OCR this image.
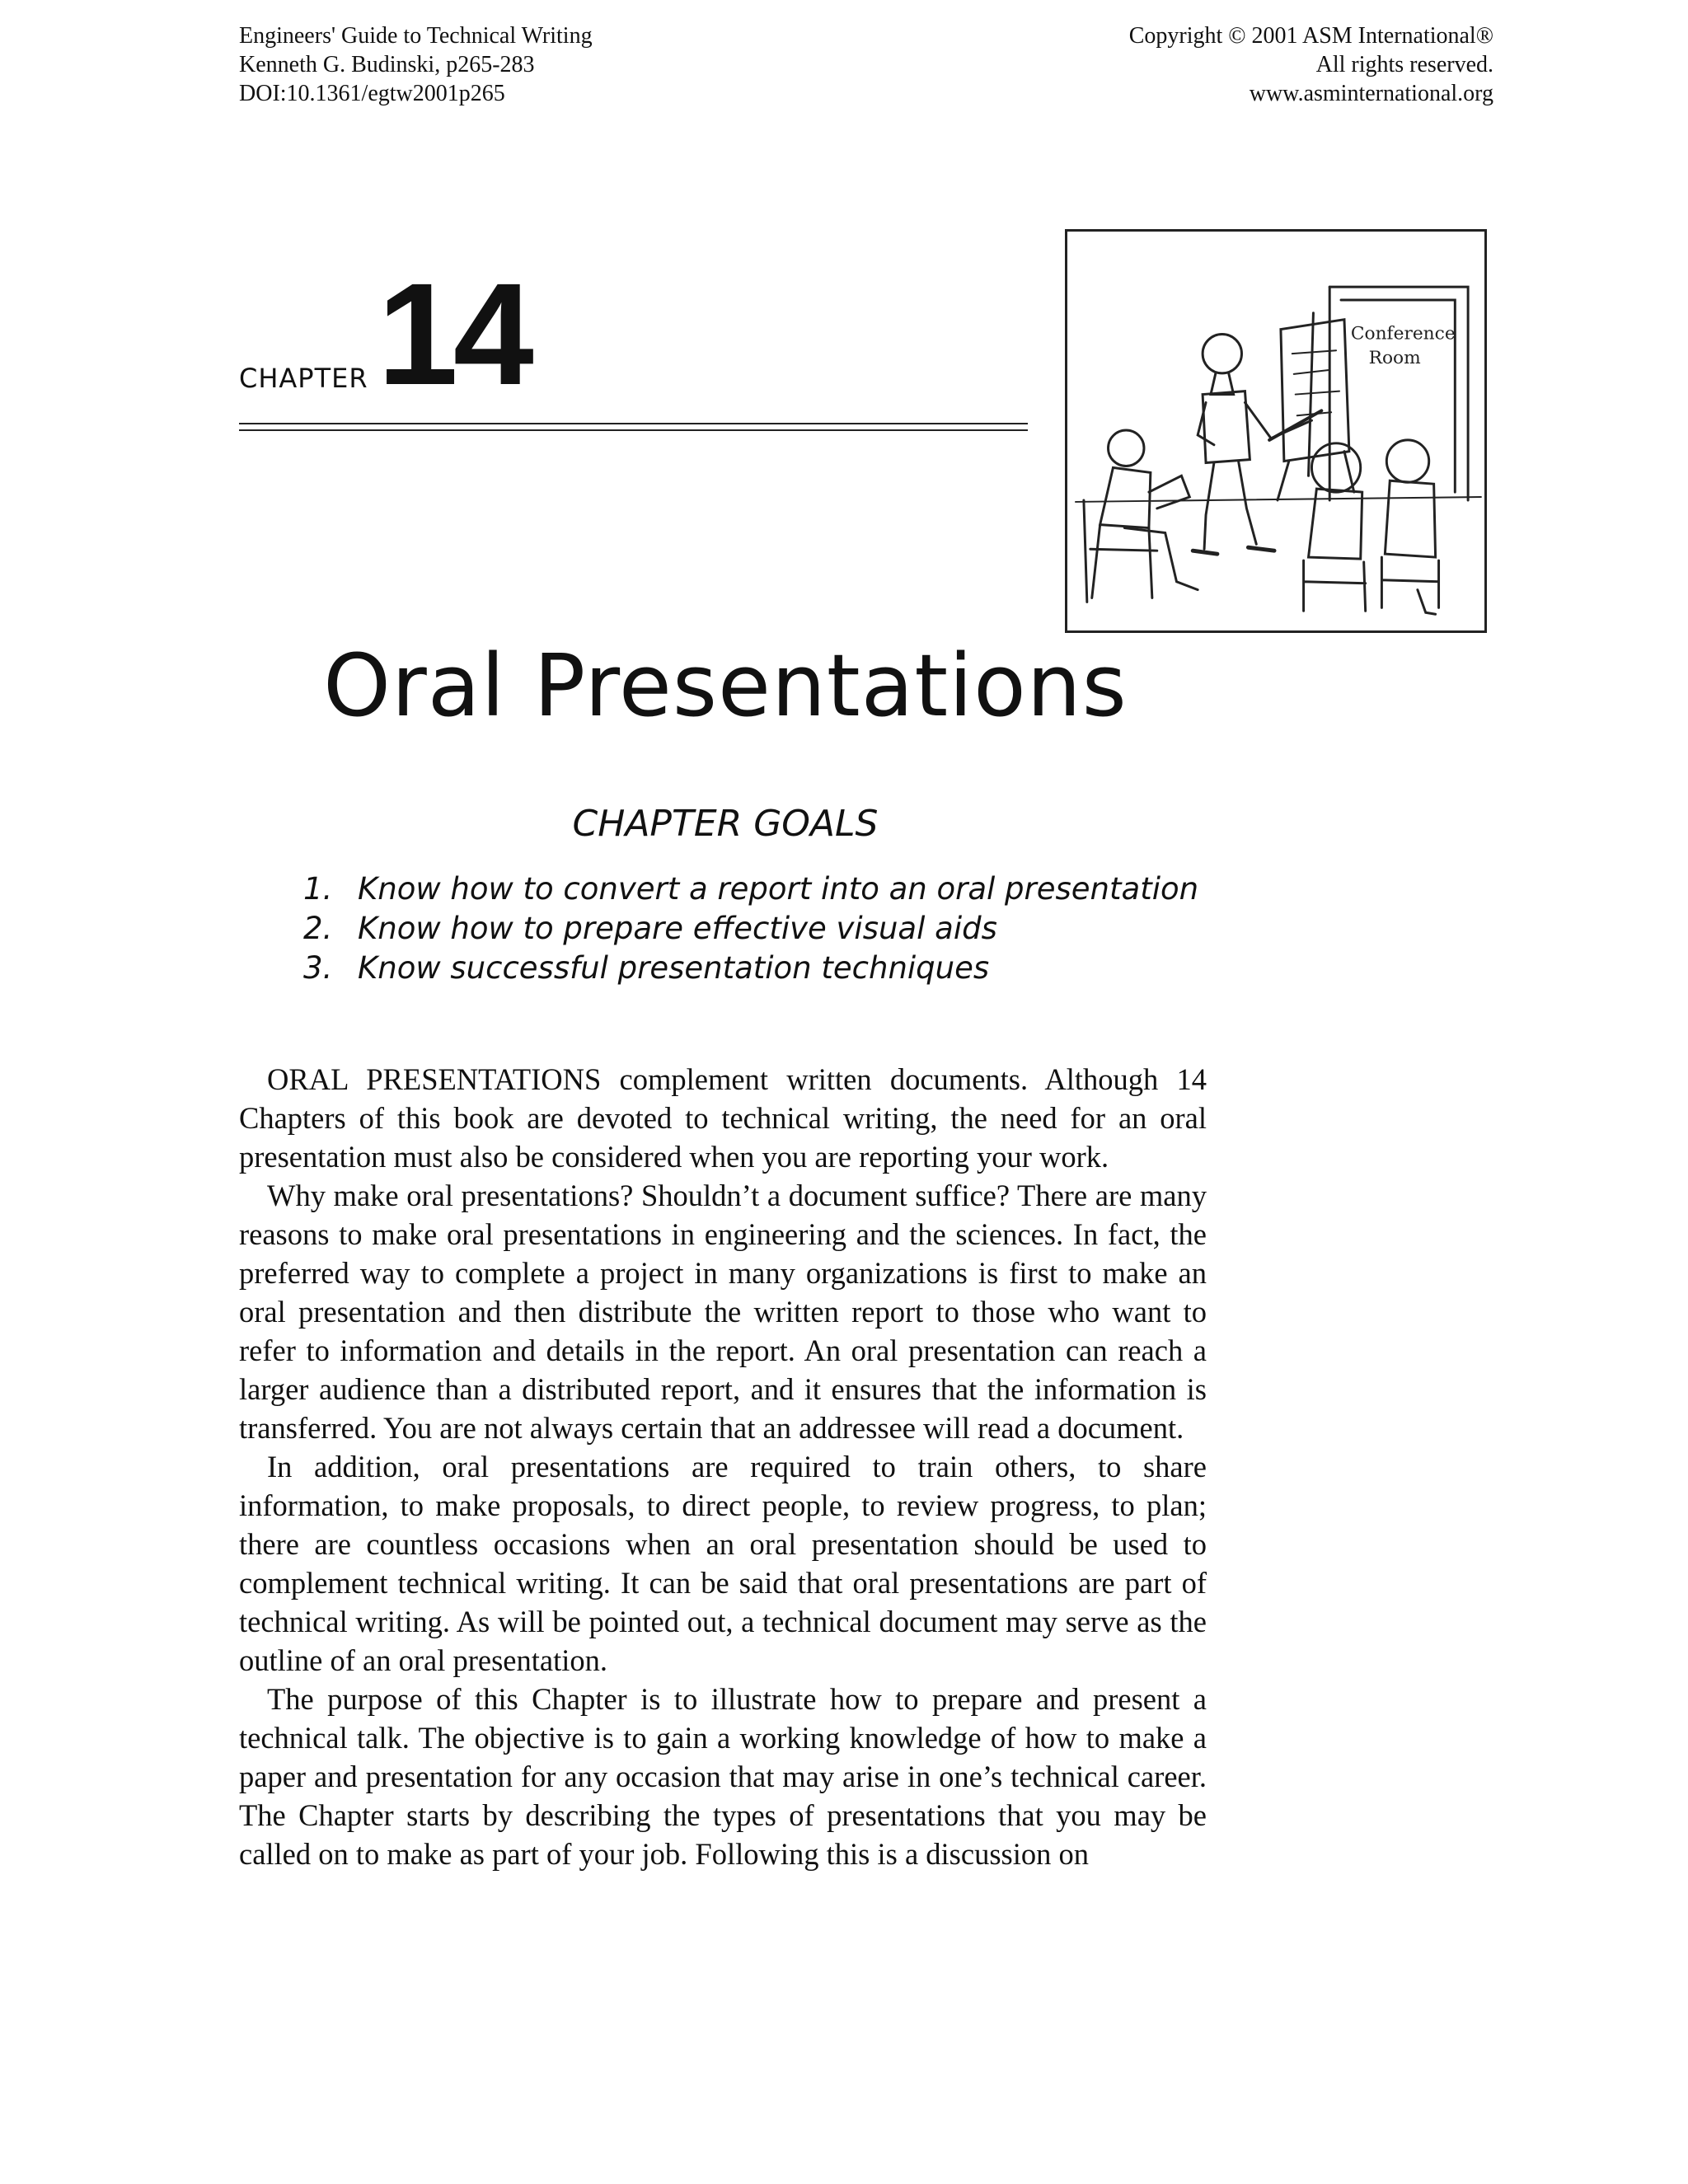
Engineers' Guide to Technical Writing
Kenneth G. Budinski, p265-283
DOI:10.1361/egtw2001p265
Copyright © 2001 ASM International®
All rights reserved.
www.asminternational.org
CHAPTER 14	Conference
Room
Oral Presentations
CHAPTER GOALS
1. Know how to convert a report into an oral presentation
2. Know how to prepare effective visual aids
3. Know successful presentation techniques

ORAL PRESENTATIONS complement written documents. Although 14 Chapters of this book are devoted to technical writing, the need for an oral presentation must also be considered when you are reporting your work.

Why make oral presentations? Shouldn’t a document suffice? There are many reasons to make oral presentations in engineering and the sciences. In fact, the preferred way to complete a project in many organizations is first to make an oral presentation and then distribute the written report to those who want to refer to information and details in the report. An oral presentation can reach a larger audience than a distributed report, and it ensures that the information is transferred. You are not always certain that an addressee will read a document.

In addition, oral presentations are required to train others, to share information, to make proposals, to direct people, to review progress, to plan; there are countless occasions when an oral presentation should be used to complement technical writing. It can be said that oral presentations are part of technical writing. As will be pointed out, a technical document may serve as the outline of an oral presentation.

The purpose of this Chapter is to illustrate how to prepare and present a technical talk. The objective is to gain a working knowledge of how to make a paper and presentation for any occasion that may arise in one’s technical career. The Chapter starts by describing the types of presentations that you may be called on to make as part of your job. Following this is a discussion on
